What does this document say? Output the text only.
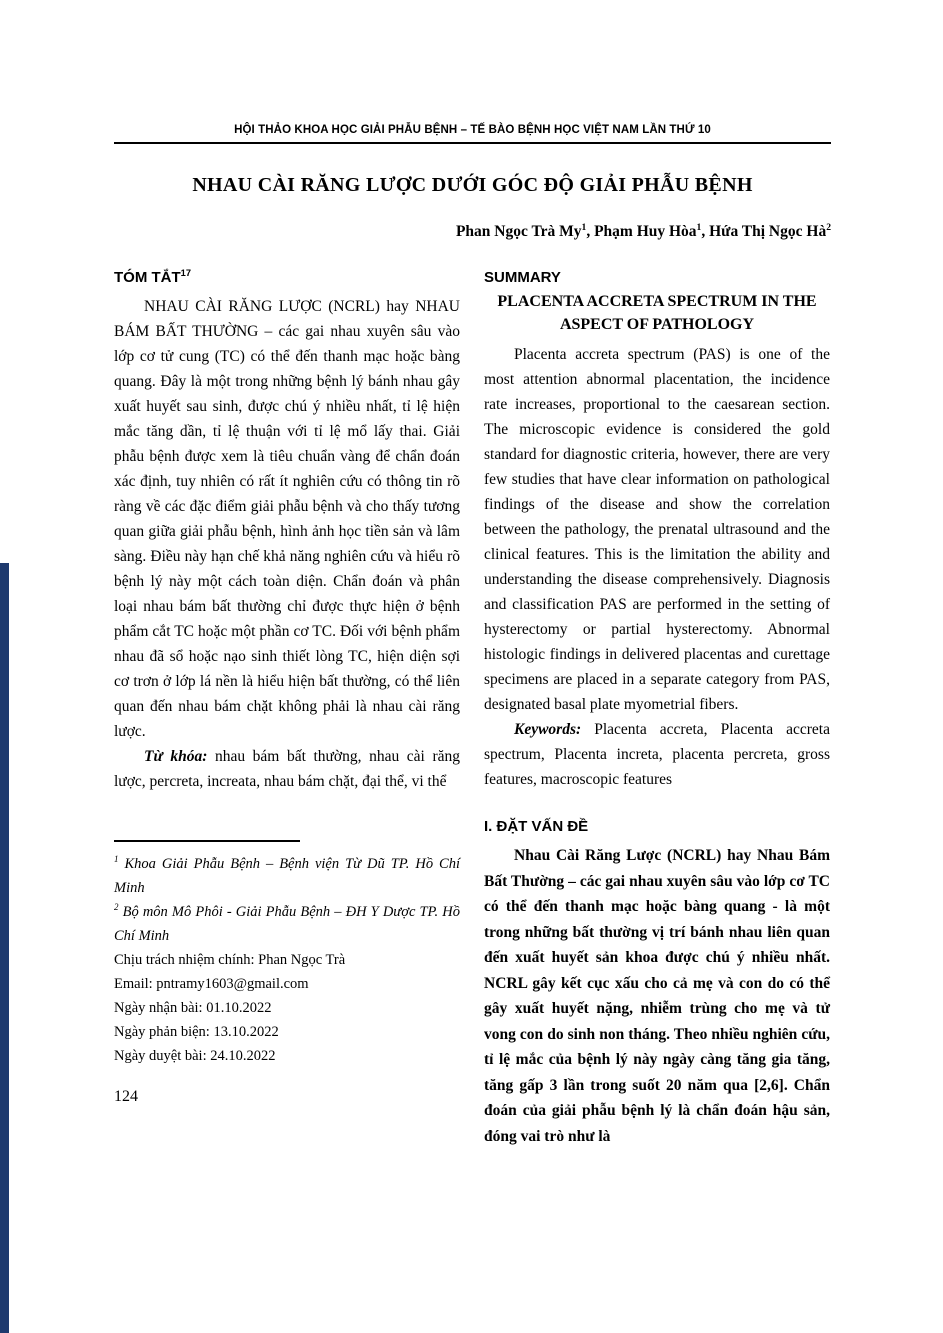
HỘI THẢO KHOA HỌC GIẢI PHẪU BỆNH – TẾ BÀO BỆNH HỌC VIỆT NAM LẦN THỨ 10
NHAU CÀI RĂNG LƯỢC DƯỚI GÓC ĐỘ GIẢI PHẪU BỆNH
Phan Ngọc Trà My$^1$, Phạm Huy Hòa$^1$, Hứa Thị Ngọc $Hà^2$
TÓM TẮT$^{17}$

NHAU CÀI RĂNG LƯỢC (NCRL) hay NHAU BÁM BẤT THƯỜNG – các gai nhau xuyên sâu vào lớp cơ tử cung (TC) có thể đến thanh mạc hoặc bàng quang. Đây là một trong những bệnh lý bánh nhau gây xuất huyết sau sinh, được chú ý nhiều nhất, tỉ lệ hiện mắc tăng dần, tỉ lệ thuận với tỉ lệ mổ lấy thai. Giải phẫu bệnh được xem là tiêu chuẩn vàng để chẩn đoán xác định, tuy nhiên có rất ít nghiên cứu có thông tin rõ ràng về các đặc điểm giải phẫu bệnh và cho thấy tương quan giữa giải phẫu bệnh, hình ảnh học tiền sản và lâm sàng. Điều này hạn chế khả năng nghiên cứu và hiểu rõ bệnh lý này một cách toàn diện. Chẩn đoán và phân loại nhau bám bất thường chỉ được thực hiện ở bệnh phẩm cắt TC hoặc một phần cơ TC. Đối với bệnh phẩm nhau đã sổ hoặc nạo sinh thiết lòng TC, hiện diện sợi cơ trơn ở lớp lá nền là hiểu hiện bất thường, có thể liên quan đến nhau bám chặt không phải là nhau cài răng lược.

Từ khóa: nhau bám bất thường, nhau cài răng lược, percreta, increata, nhau bám chặt, đại thể, vi thể

$^1$ Khoa Giải Phẫu Bệnh – Bệnh viện Từ Dũ TP. Hồ Chí Minh

$^2$ Bộ môn Mô Phôi - Giải Phẫu Bệnh – ĐH Y Dược TP. Hồ Chí Minh

Chịu trách nhiệm chính: Phan Ngọc Trà

Email: pntramy1603@gmail.com

Ngày nhận bài: 01.10.2022

Ngày phản biện: 13.10.2022

Ngày duyệt bài: 24.10.2022

124
SUMMARY
PLACENTA ACCRETA SPECTRUM IN THE ASPECT OF PATHOLOGY

Placenta accreta spectrum (PAS) is one of the most attention abnormal placentation, the incidence rate increases, proportional to the caesarean section. The microscopic evidence is considered the gold standard for diagnostic criteria, however, there are very few studies that have clear information on pathological findings of the disease and show the correlation between the pathology, the prenatal ultrasound and the clinical features. This is the limitation the ability and understanding the disease comprehensively. Diagnosis and classification PAS are performed in the setting of hysterectomy or partial hysterectomy. Abnormal histologic findings in delivered placentas and curettage specimens are placed in a separate category from PAS, designated basal plate myometrial fibers.

Keywords: Placenta accreta, Placenta accreta spectrum, Placenta increta, placenta percreta, gross features, macroscopic features

I. ĐẶT VẤN ĐỀ

Nhau Cài Răng Lược (NCRL) hay Nhau Bám Bất Thường – các gai nhau xuyên sâu vào lớp cơ TC có thể đến thanh mạc hoặc bàng quang - là một trong những bất thường vị trí bánh nhau liên quan đến xuất huyết sản khoa được chú ý nhiều nhất. NCRL gây kết cục xấu cho cả mẹ và con do có thể gây xuất huyết nặng, nhiễm trùng cho mẹ và tử vong con do sinh non tháng. Theo nhiều nghiên cứu, tỉ lệ mắc của bệnh lý này ngày càng tăng gia tăng, tăng gấp 3 lần trong suốt 20 năm qua [2,6]. Chẩn đoán của giải phẫu bệnh lý là chẩn đoán hậu sản, đóng vai trò như là
